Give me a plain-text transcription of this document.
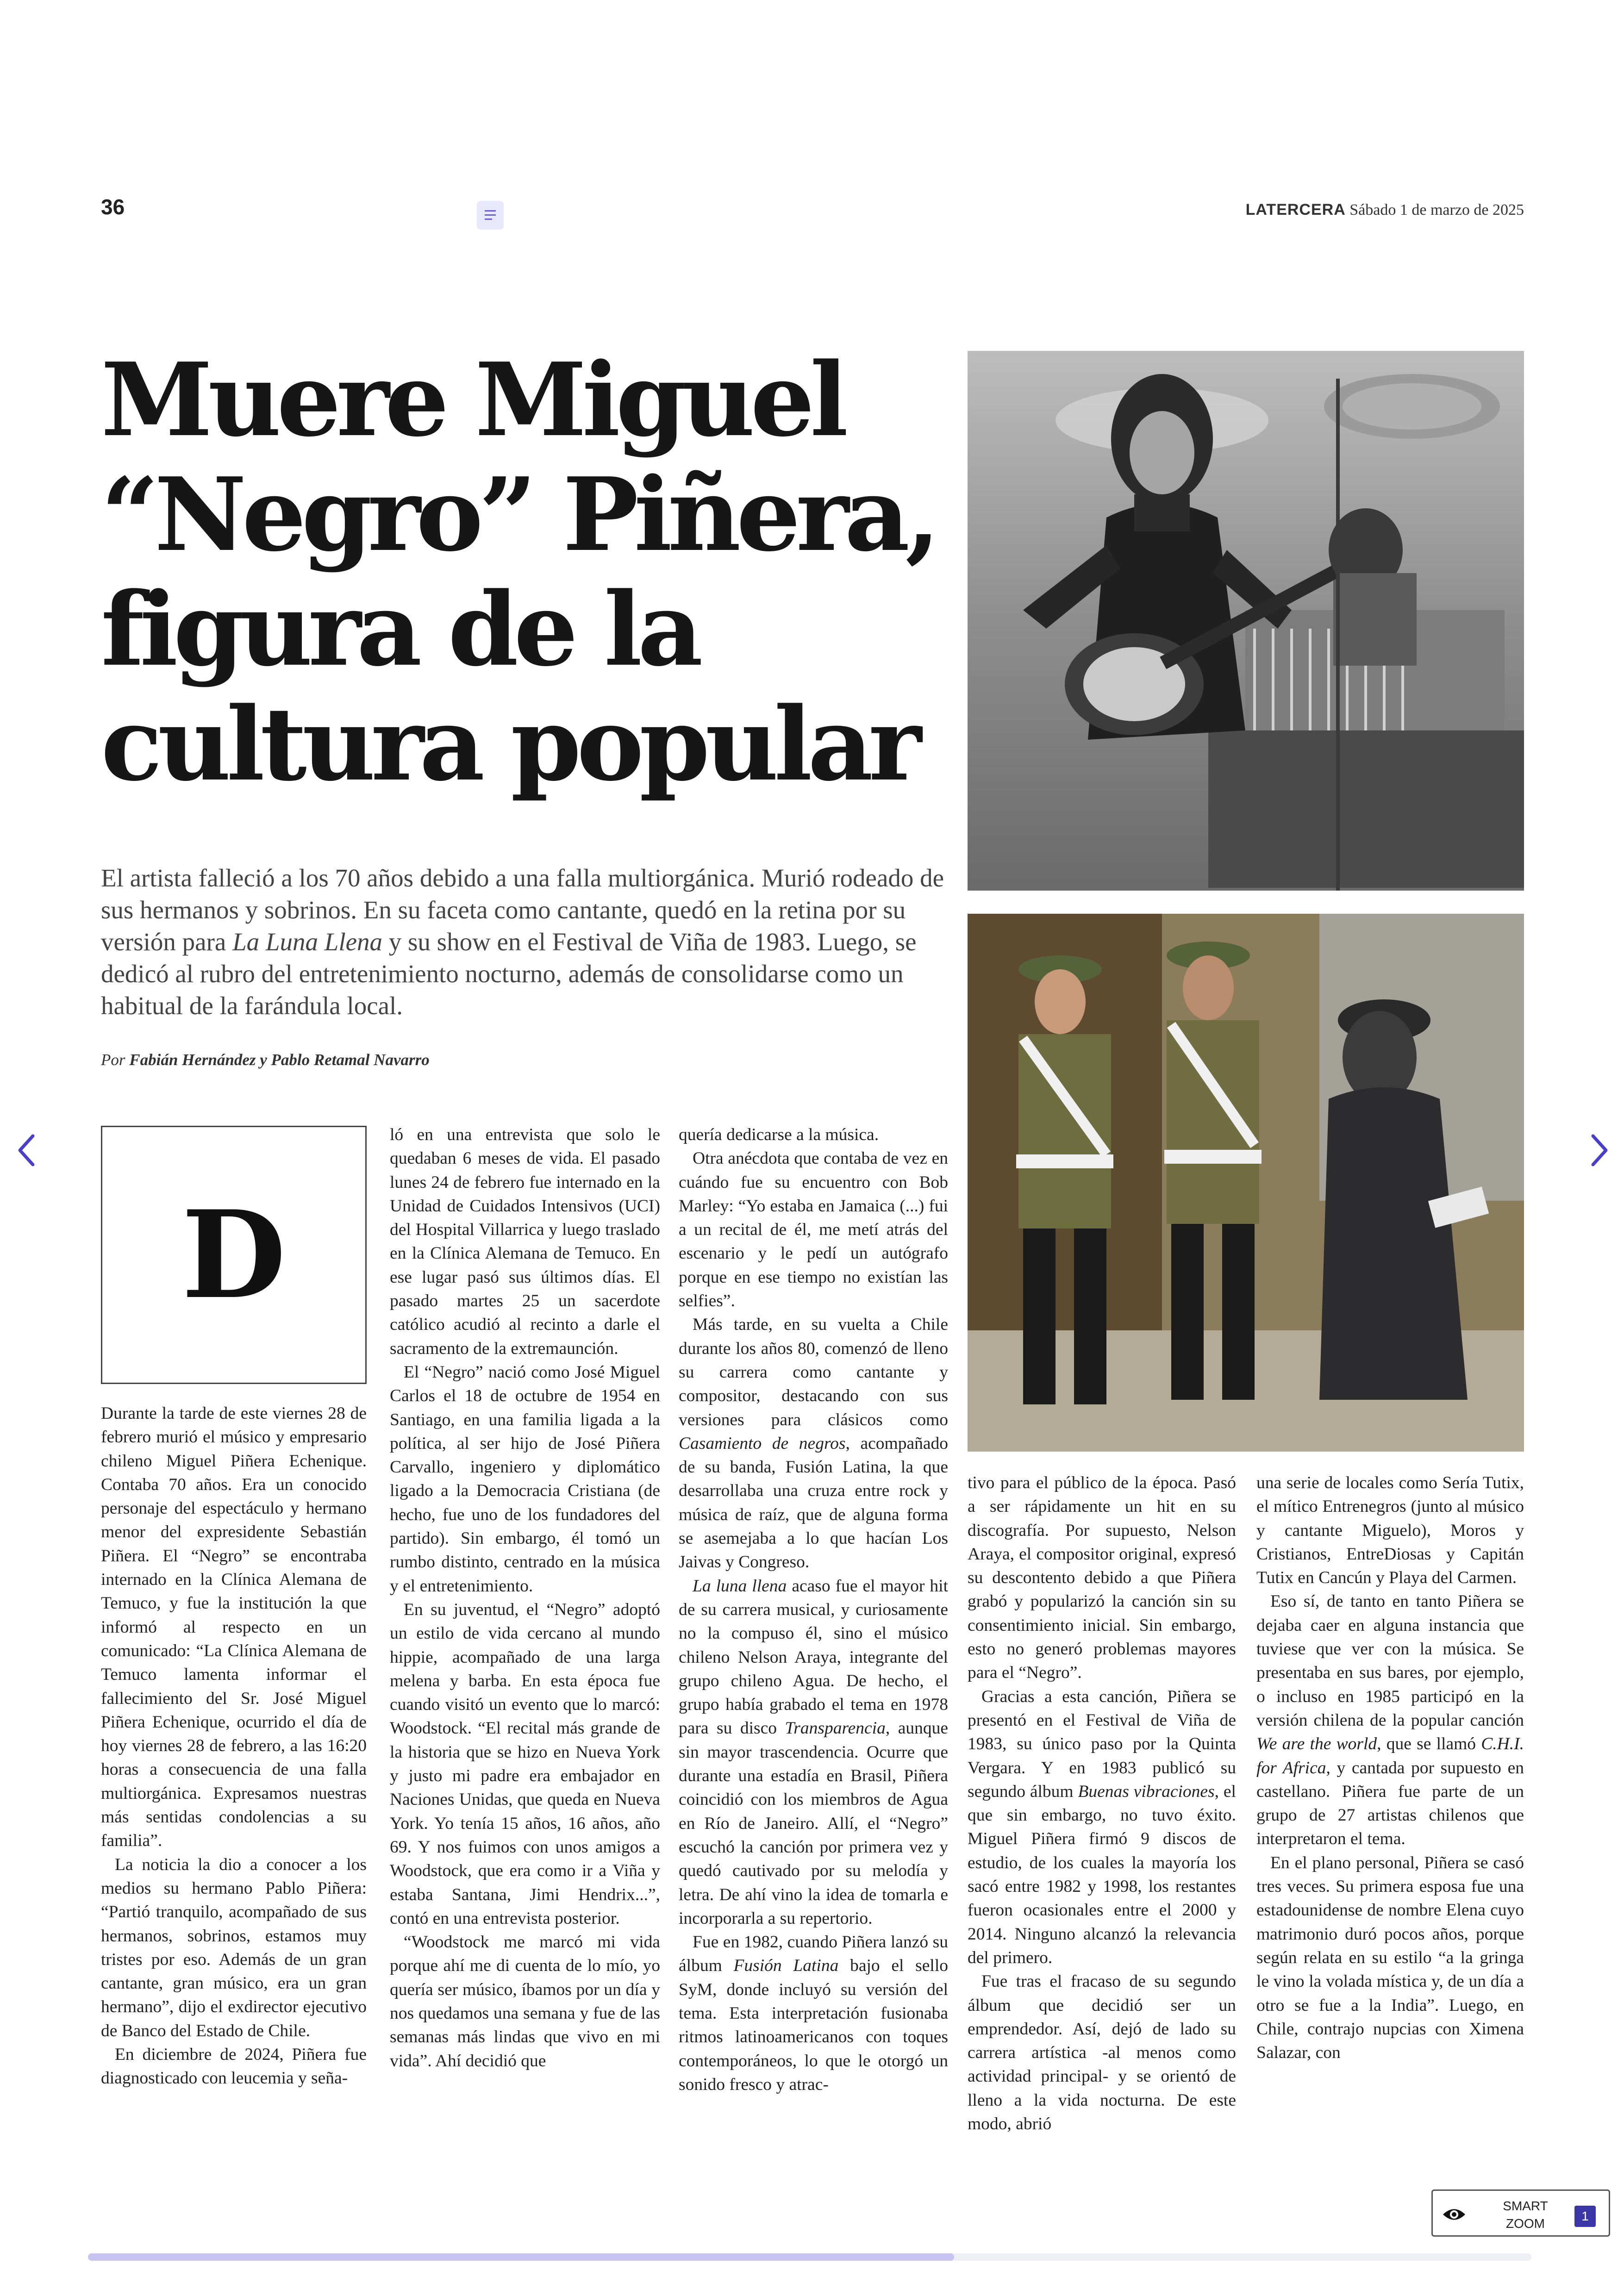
36	LATERCERA Sábado 1 de marzo de 2025
Muere Miguel
“Negro” Piñera,
figura de la
cultura popular
El artista falleció a los 70 años debido a una falla multiorgánica. Murió rodeado de sus hermanos y sobrinos. En su faceta como cantante, quedó en la retina por su versión para La Luna Llena y su show en el Festival de Viña de 1983. Luego, se dedicó al rubro del entretenimiento nocturno, además de consolidarse como un habitual de la farándula local.
Por Fabián Hernández y Pablo Retamal Navarro
D

Durante la tarde de este viernes 28 de febrero murió el músico y empresario chileno Miguel Piñera Echenique. Contaba 70 años. Era un conocido personaje del espectáculo y hermano menor del expresidente Sebastián Piñera. El “Negro” se encontraba internado en la Clínica Alemana de Temuco, y fue la institución la que informó al respecto en un comunicado: “La Clínica Alemana de Temuco lamenta informar el fallecimiento del Sr. José Miguel Piñera Echenique, ocurrido el día de hoy viernes 28 de febrero, a las 16:20 horas a consecuencia de una falla multiorgánica. Expresamos nuestras más sentidas condolencias a su familia”.

La noticia la dio a conocer a los medios su hermano Pablo Piñera: “Partió tranquilo, acompañado de sus hermanos, sobrinos, estamos muy tristes por eso. Además de un gran cantante, gran músico, era un gran hermano”, dijo el exdirector ejecutivo de Banco del Estado de Chile.

En diciembre de 2024, Piñera fue diagnosticado con leucemia y seña-

ló en una entrevista que solo le quedaban 6 meses de vida. El pasado lunes 24 de febrero fue internado en la Unidad de Cuidados Intensivos (UCI) del Hospital Villarrica y luego traslado en la Clínica Alemana de Temuco. En ese lugar pasó sus últimos días. El pasado martes 25 un sacerdote católico acudió al recinto a darle el sacramento de la extremaunción.

El “Negro” nació como José Miguel Carlos el 18 de octubre de 1954 en Santiago, en una familia ligada a la política, al ser hijo de José Piñera Carvallo, ingeniero y diplomático ligado a la Democracia Cristiana (de hecho, fue uno de los fundadores del partido). Sin embargo, él tomó un rumbo distinto, centrado en la música y el entretenimiento.

En su juventud, el “Negro” adoptó un estilo de vida cercano al mundo hippie, acompañado de una larga melena y barba. En esta época fue cuando visitó un evento que lo marcó: Woodstock. “El recital más grande de la historia que se hizo en Nueva York y justo mi padre era embajador en Naciones Unidas, que queda en Nueva York. Yo tenía 15 años, 16 años, año 69. Y nos fuimos con unos amigos a Woodstock, que era como ir a Viña y estaba Santana, Jimi Hendrix...”, contó en una entrevista posterior.

“Woodstock me marcó mi vida porque ahí me di cuenta de lo mío, yo quería ser músico, íbamos por un día y nos quedamos una semana y fue de las semanas más lindas que vivo en mi vida”. Ahí decidió que

quería dedicarse a la música.

Otra anécdota que contaba de vez en cuándo fue su encuentro con Bob Marley: “Yo estaba en Jamaica (...) fui a un recital de él, me metí atrás del escenario y le pedí un autógrafo porque en ese tiempo no existían las selfies”.

Más tarde, en su vuelta a Chile durante los años 80, comenzó de lleno su carrera como cantante y compositor, destacando con sus versiones para clásicos como Casamiento de negros, acompañado de su banda, Fusión Latina, la que desarrollaba una cruza entre rock y música de raíz, que de alguna forma se asemejaba a lo que hacían Los Jaivas y Congreso.

La luna llena acaso fue el mayor hit de su carrera musical, y curiosamente no la compuso él, sino el músico chileno Nelson Araya, integrante del grupo chileno Agua. De hecho, el grupo había grabado el tema en 1978 para su disco Transparencia, aunque sin mayor trascendencia. Ocurre que durante una estadía en Brasil, Piñera coincidió con los miembros de Agua en Río de Janeiro. Allí, el “Negro” escuchó la canción por primera vez y quedó cautivado por su melodía y letra. De ahí vino la idea de tomarla e incorporarla a su repertorio.

Fue en 1982, cuando Piñera lanzó su álbum Fusión Latina bajo el sello SyM, donde incluyó su versión del tema. Esta interpretación fusionaba ritmos latinoamericanos con toques contemporáneos, lo que le otorgó un sonido fresco y atrac-

tivo para el público de la época. Pasó a ser rápidamente un hit en su discografía. Por supuesto, Nelson Araya, el compositor original, expresó su descontento debido a que Piñera grabó y popularizó la canción sin su consentimiento inicial. Sin embargo, esto no generó problemas mayores para el “Negro”.

Gracias a esta canción, Piñera se presentó en el Festival de Viña de 1983, su único paso por la Quinta Vergara. Y en 1983 publicó su segundo álbum Buenas vibraciones, el que sin embargo, no tuvo éxito. Miguel Piñera firmó 9 discos de estudio, de los cuales la mayoría los sacó entre 1982 y 1998, los restantes fueron ocasionales entre el 2000 y 2014. Ninguno alcanzó la relevancia del primero.

Fue tras el fracaso de su segundo álbum que decidió ser un emprendedor. Así, dejó de lado su carrera artística -al menos como actividad principal- y se orientó de lleno a la vida nocturna. De este modo, abrió

una serie de locales como Sería Tutix, el mítico Entrenegros (junto al músico y cantante Miguelo), Moros y Cristianos, EntreDiosas y Capitán Tutix en Cancún y Playa del Carmen.

Eso sí, de tanto en tanto Piñera se dejaba caer en alguna instancia que tuviese que ver con la música. Se presentaba en sus bares, por ejemplo, o incluso en 1985 participó en la versión chilena de la popular canción We are the world, que se llamó C.H.I. for Africa, y cantada por supuesto en castellano. Piñera fue parte de un grupo de 27 artistas chilenos que interpretaron el tema.

En el plano personal, Piñera se casó tres veces. Su primera esposa fue una estadounidense de nombre Elena cuyo matrimonio duró pocos años, porque según relata en su estilo “a la gringa le vino la volada mística y, de un día a otro se fue a la India”. Luego, en Chile, contrajo nupcias con Ximena Salazar, con

SMART ZOOM
1
